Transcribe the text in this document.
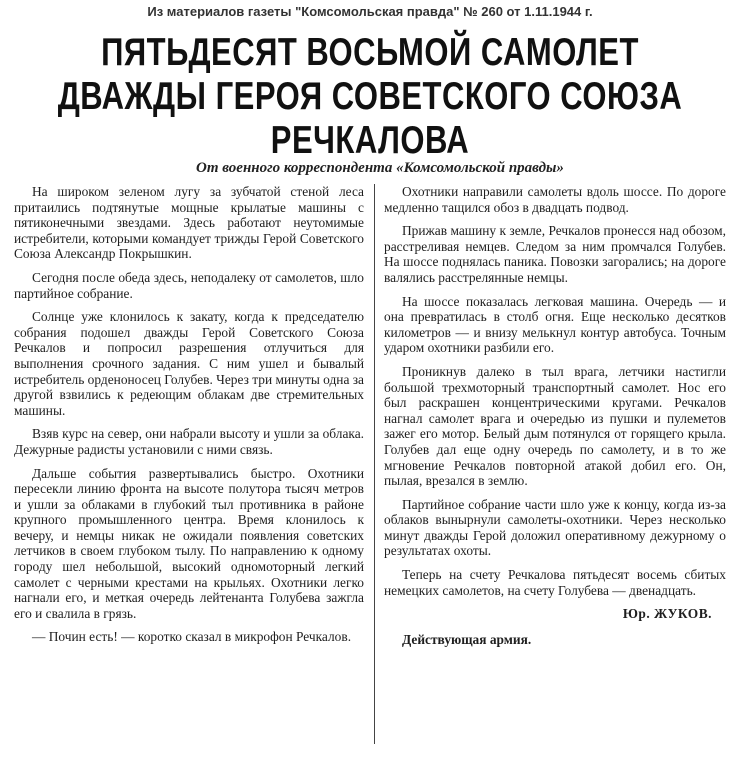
Из материалов газеты "Комсомольская правда" № 260 от 1.11.1944 г.
ПЯТЬДЕСЯТ ВОСЬМОЙ САМОЛЕТ
ДВАЖДЫ ГЕРОЯ СОВЕТСКОГО СОЮЗА
РЕЧКАЛОВА
От военного корреспондента «Комсомольской правды»

На широком зеленом лугу за зубчатой стеной леса притаились подтянутые мощные крылатые машины с пятиконечными звездами. Здесь работают неутомимые истребители, которыми командует трижды Герой Советского Союза Александр Покрышкин.

Сегодня после обеда здесь, неподалеку от самолетов, шло партийное собрание.

Солнце уже клонилось к закату, когда к председателю собрания подошел дважды Герой Советского Союза Речкалов и попросил разрешения отлучиться для выполнения срочного задания. С ним ушел и бывалый истребитель орденоносец Голубев. Через три минуты одна за другой взвились к редеющим облакам две стремительных машины.

Взяв курс на север, они набрали высоту и ушли за облака. Дежурные радисты установили с ними связь.

Дальше события развертывались быстро. Охотники пересекли линию фронта на высоте полутора тысяч метров и ушли за облаками в глубокий тыл противника в районе крупного промышленного центра. Время клонилось к вечеру, и немцы никак не ожидали появления советских летчиков в своем глубоком тылу. По направлению к одному городу шел небольшой, высокий одномоторный легкий самолет с черными крестами на крыльях. Охотники легко нагнали его, и меткая очередь лейтенанта Голубева зажгла его и свалила в грязь.

— Почин есть! — коротко сказал в микрофон Речкалов.

Охотники направили самолеты вдоль шоссе. По дороге медленно тащился обоз в двадцать подвод.

Прижав машину к земле, Речкалов пронесся над обозом, расстреливая немцев. Следом за ним промчался Голубев. На шоссе поднялась паника. Повозки загорались; на дороге валялись расстрелянные немцы.

На шоссе показалась легковая машина. Очередь — и она превратилась в столб огня. Еще несколько десятков километров — и внизу мелькнул контур автобуса. Точным ударом охотники разбили его.

Проникнув далеко в тыл врага, летчики настигли большой трехмоторный транспортный самолет. Нос его был раскрашен концентрическими кругами. Речкалов нагнал самолет врага и очередью из пушки и пулеметов зажег его мотор. Белый дым потянулся от горящего крыла. Голубев дал еще одну очередь по самолету, и в то же мгновение Речкалов повторной атакой добил его. Он, пылая, врезался в землю.

Партийное собрание части шло уже к концу, когда из-за облаков вынырнули самолеты-охотники. Через несколько минут дважды Герой доложил оперативному дежурному о результатах охоты.

Теперь на счету Речкалова пятьдесят восемь сбитых немецких самолетов, на счету Голубева — двенадцать.

Юр. ЖУКОВ.

Действующая армия.
